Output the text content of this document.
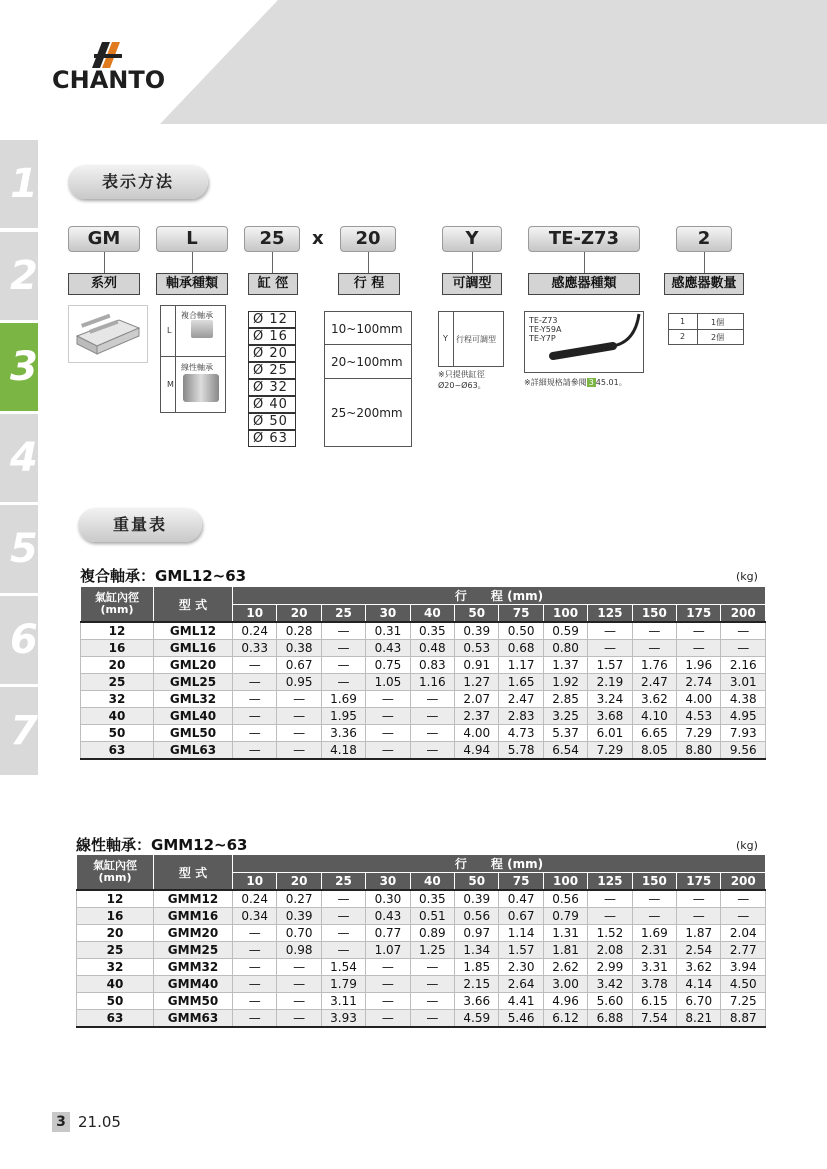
CHANTO
1
2
3
4
5
6
7
表示方法
GM	L	25	x	20	Y	TE-Z73	2
系列	軸承種類	缸 徑	行 程	可調型	感應器種類	感應器數量
L
複合軸承
M
線性軸承
Ø 12
Ø 16
Ø 20
Ø 25
Ø 32
Ø 40
Ø 50
Ø 63
10~100mm
20~100mm
25~200mm
Y 行程可調型
※只提供缸徑Ø20~Ø63。
TE-Z73
TE-Y59A
TE-Y7P
※詳細規格請參閱 3 45.01。
1	1個
2	2個
重量表
複合軸承：GML12~63	(kg)
氣缸內徑 (mm)	型 式	行　　程 (mm)											
		10	20	25	30	40	50	75	100	125	150	175	200
12	GML12	0.24	0.28	—	0.31	0.35	0.39	0.50	0.59	—	—	—	—
16	GML16	0.33	0.38	—	0.43	0.48	0.53	0.68	0.80	—	—	—	—
20	GML20	—	0.67	—	0.75	0.83	0.91	1.17	1.37	1.57	1.76	1.96	2.16
25	GML25	—	0.95	—	1.05	1.16	1.27	1.65	1.92	2.19	2.47	2.74	3.01
32	GML32	—	—	1.69	—	—	2.07	2.47	2.85	3.24	3.62	4.00	4.38
40	GML40	—	—	1.95	—	—	2.37	2.83	3.25	3.68	4.10	4.53	4.95
50	GML50	—	—	3.36	—	—	4.00	4.73	5.37	6.01	6.65	7.29	7.93
63	GML63	—	—	4.18	—	—	4.94	5.78	6.54	7.29	8.05	8.80	9.56
線性軸承：GMM12~63	(kg)
氣缸內徑 (mm)	型 式	行　　程 (mm)											
		10	20	25	30	40	50	75	100	125	150	175	200
12	GMM12	0.24	0.27	—	0.30	0.35	0.39	0.47	0.56	—	—	—	—
16	GMM16	0.34	0.39	—	0.43	0.51	0.56	0.67	0.79	—	—	—	—
20	GMM20	—	0.70	—	0.77	0.89	0.97	1.14	1.31	1.52	1.69	1.87	2.04
25	GMM25	—	0.98	—	1.07	1.25	1.34	1.57	1.81	2.08	2.31	2.54	2.77
32	GMM32	—	—	1.54	—	—	1.85	2.30	2.62	2.99	3.31	3.62	3.94
40	GMM40	—	—	1.79	—	—	2.15	2.64	3.00	3.42	3.78	4.14	4.50
50	GMM50	—	—	3.11	—	—	3.66	4.41	4.96	5.60	6.15	6.70	7.25
63	GMM63	—	—	3.93	—	—	4.59	5.46	6.12	6.88	7.54	8.21	8.87
3 21.05
